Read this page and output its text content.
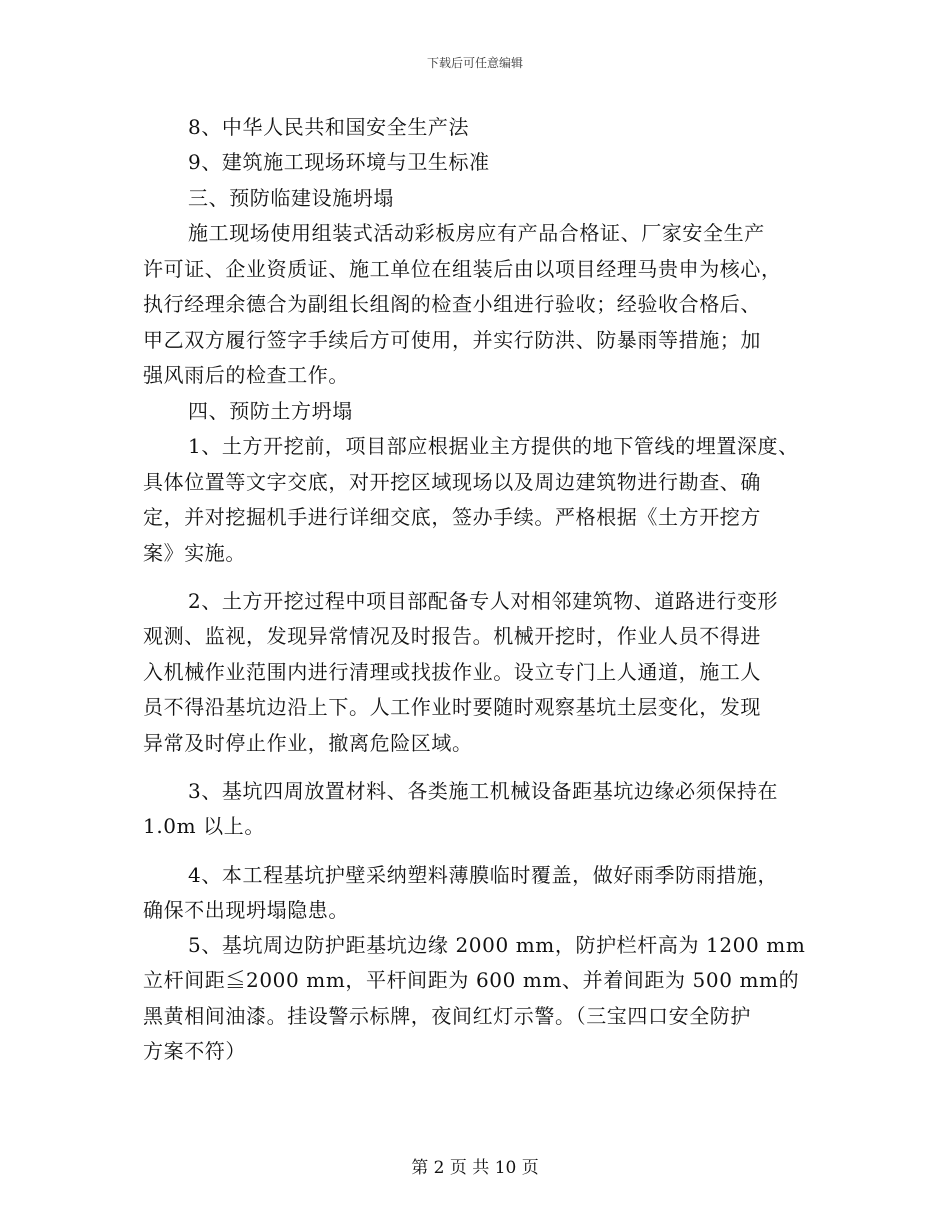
下载后可任意编辑
8、中华人民共和国安全生产法
9、建筑施工现场环境与卫生标准
三、预防临建设施坍塌
施工现场使用组装式活动彩板房应有产品合格证、厂家安全生产
许可证、企业资质证、施工单位在组装后由以项目经理马贵申为核心，
执行经理余德合为副组长组阁的检查小组进行验收；经验收合格后、
甲乙双方履行签字手续后方可使用，并实行防洪、防暴雨等措施；加
强风雨后的检查工作。
四、预防土方坍塌
1、土方开挖前，项目部应根据业主方提供的地下管线的埋置深度、
具体位置等文字交底，对开挖区域现场以及周边建筑物进行勘查、确
定，并对挖掘机手进行详细交底，签办手续。严格根据《土方开挖方
案》实施。
2、土方开挖过程中项目部配备专人对相邻建筑物、道路进行变形
观测、监视，发现异常情况及时报告。机械开挖时，作业人员不得进
入机械作业范围内进行清理或找拔作业。设立专门上人通道，施工人
员不得沿基坑边沿上下。人工作业时要随时观察基坑土层变化，发现
异常及时停止作业，撤离危险区域。
3、基坑四周放置材料、各类施工机械设备距基坑边缘必须保持在
1.0m 以上。
4、本工程基坑护壁采纳塑料薄膜临时覆盖，做好雨季防雨措施，
确保不出现坍塌隐患。
5、基坑周边防护距基坑边缘 2000 mm，防护栏杆高为 1200 mm
立杆间距≦2000 mm，平杆间距为 600 mm、并着间距为 500 mm的
黑黄相间油漆。挂设警示标牌，夜间红灯示警。（三宝四口安全防护
方案不符）
第 2 页 共 10 页
